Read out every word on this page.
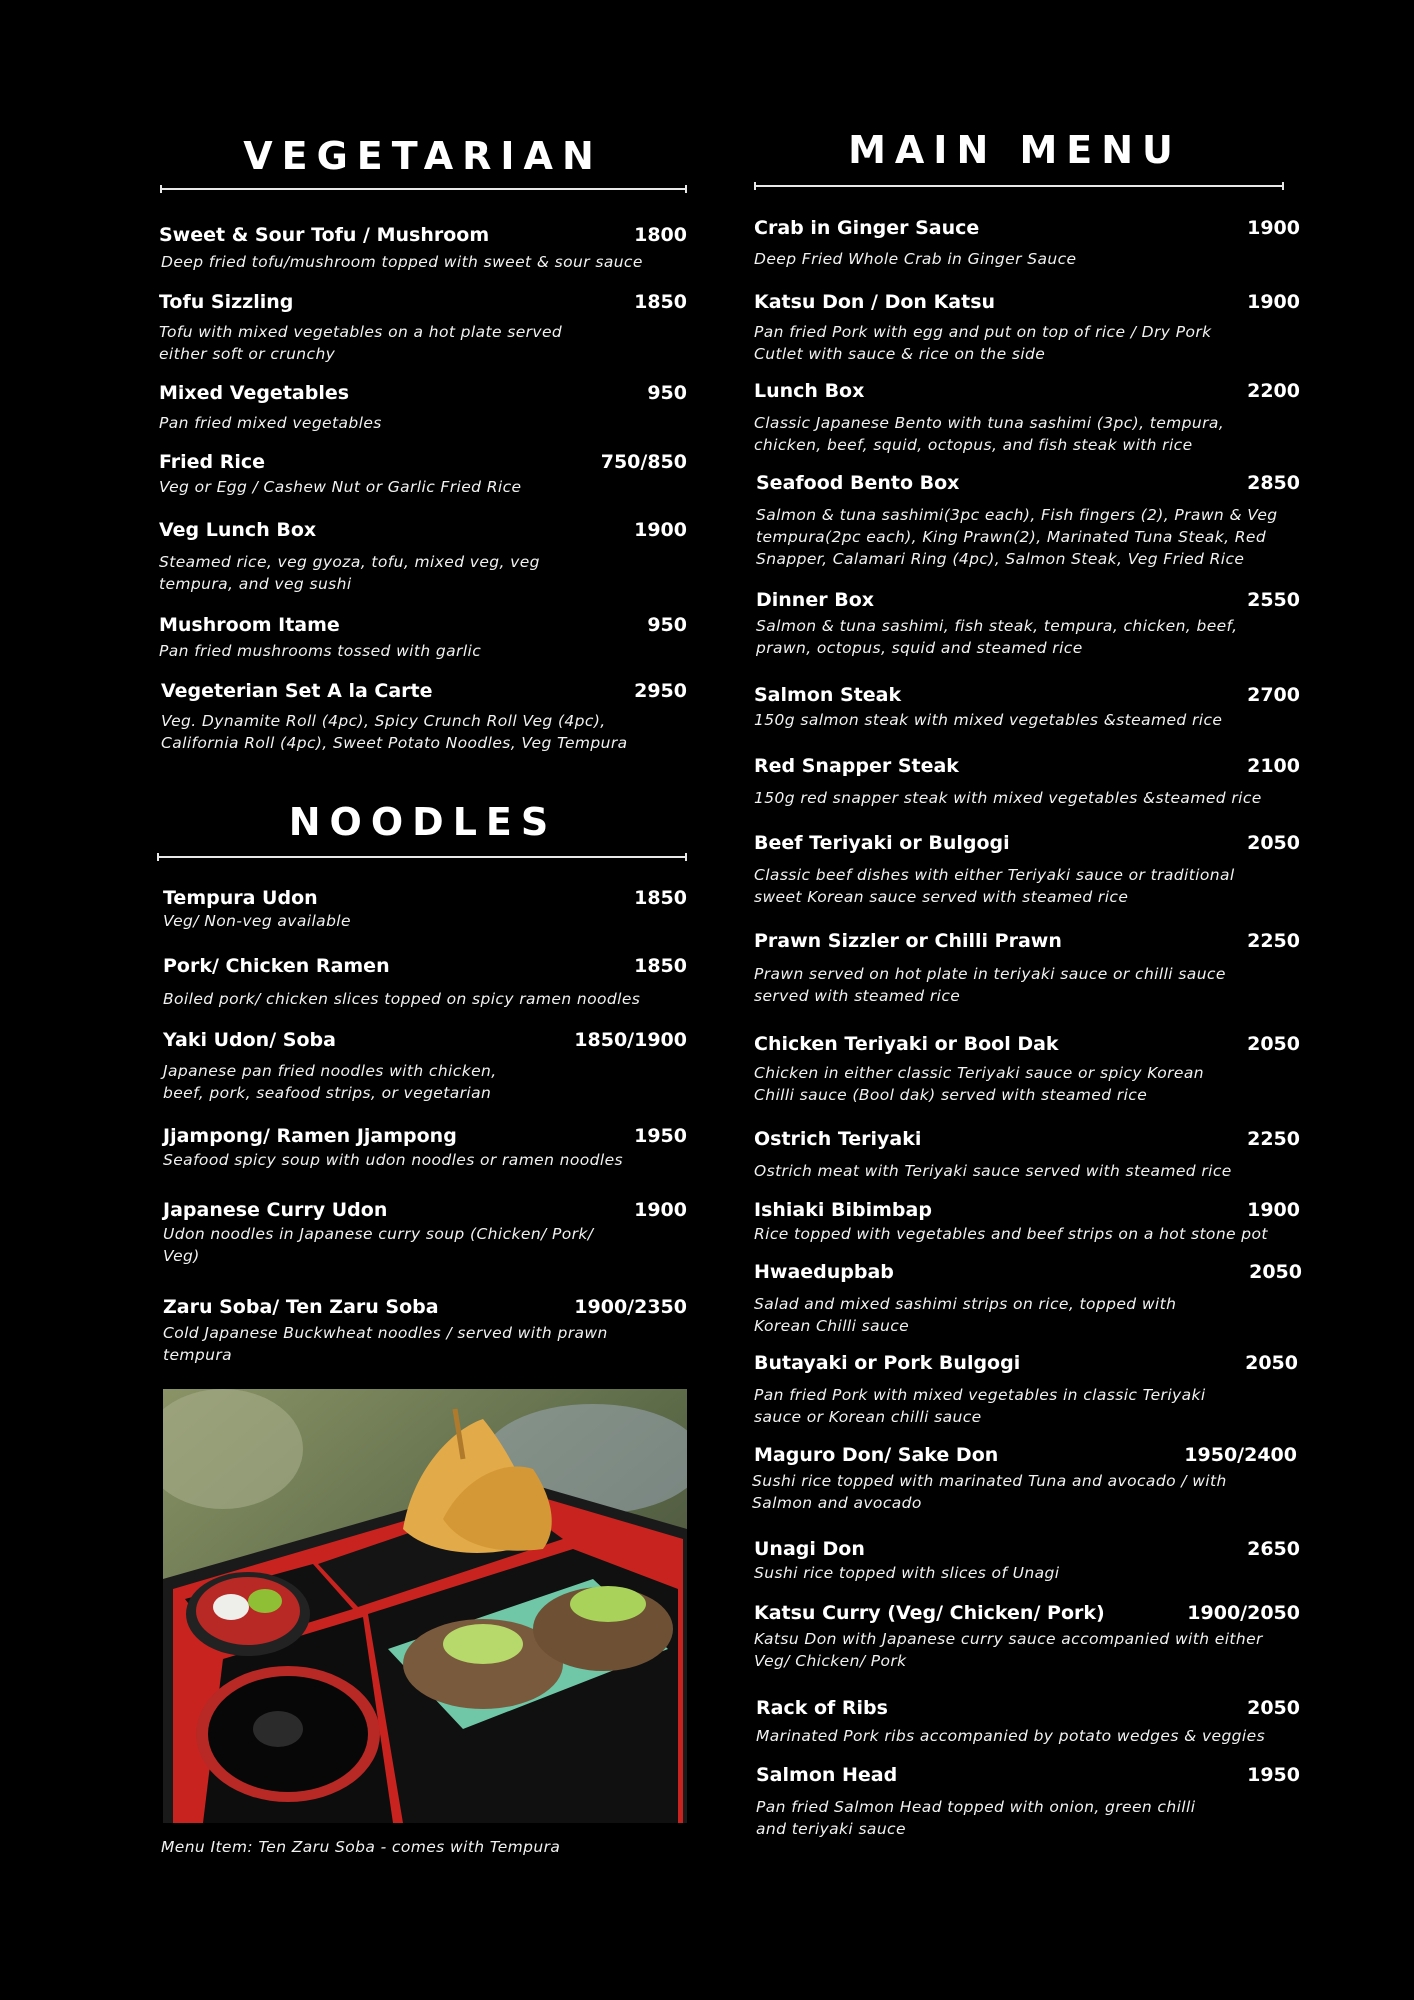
VEGETARIAN
Sweet & Sour Tofu / Mushroom	1800
Deep fried tofu/mushroom topped with sweet & sour sauce
Tofu Sizzling	1850
Tofu with mixed vegetables on a hot plate served either soft or crunchy
Mixed Vegetables	950
Pan fried mixed vegetables
Fried Rice	750/850
Veg or Egg / Cashew Nut or Garlic Fried Rice
Veg Lunch Box	1900
Steamed rice, veg gyoza, tofu, mixed veg, veg tempura, and veg sushi
Mushroom Itame	950
Pan fried mushrooms tossed with garlic
Vegeterian Set A la Carte	2950
Veg. Dynamite Roll (4pc), Spicy Crunch Roll Veg (4pc), California Roll (4pc), Sweet Potato Noodles, Veg Tempura
NOODLES
Tempura Udon	1850
Veg/ Non-veg available
Pork/ Chicken Ramen	1850
Boiled pork/ chicken slices topped on spicy ramen noodles
Yaki Udon/ Soba	1850/1900
Japanese pan fried noodles with chicken, beef, pork, seafood strips, or vegetarian
Jjampong/ Ramen Jjampong	1950
Seafood spicy soup with udon noodles or ramen noodles
Japanese Curry Udon	1900
Udon noodles in Japanese curry soup (Chicken/ Pork/ Veg)
Zaru Soba/ Ten Zaru Soba	1900/2350
Cold Japanese Buckwheat noodles / served with prawn tempura
Menu Item: Ten Zaru Soba - comes with Tempura
MAIN MENU
Crab in Ginger Sauce	1900
Deep Fried Whole Crab in Ginger Sauce
Katsu Don / Don Katsu	1900
Pan fried Pork with egg and put on top of rice / Dry Pork Cutlet with sauce & rice on the side
Lunch Box	2200
Classic Japanese Bento with tuna sashimi (3pc), tempura, chicken, beef, squid, octopus, and fish steak with rice
Seafood Bento Box	2850
Salmon & tuna sashimi(3pc each), Fish fingers (2), Prawn & Veg tempura(2pc each), King Prawn(2), Marinated Tuna Steak, Red Snapper, Calamari Ring (4pc), Salmon Steak, Veg Fried Rice
Dinner Box	2550
Salmon & tuna sashimi, fish steak, tempura, chicken, beef, prawn, octopus, squid and steamed rice
Salmon Steak	2700
150g salmon steak with mixed vegetables &steamed rice
Red Snapper Steak	2100
150g red snapper steak with mixed vegetables &steamed rice
Beef Teriyaki or Bulgogi	2050
Classic beef dishes with either Teriyaki sauce or traditional sweet Korean sauce served with steamed rice
Prawn Sizzler or Chilli Prawn	2250
Prawn served on hot plate in teriyaki sauce or chilli sauce served with steamed rice
Chicken Teriyaki or Bool Dak	2050
Chicken in either classic Teriyaki sauce or spicy Korean Chilli sauce (Bool dak) served with steamed rice
Ostrich Teriyaki	2250
Ostrich meat with Teriyaki sauce served with steamed rice
Ishiaki Bibimbap	1900
Rice topped with vegetables and beef strips on a hot stone pot
Hwaedupbab	2050
Salad and mixed sashimi strips on rice, topped with Korean Chilli sauce
Butayaki or Pork Bulgogi	2050
Pan fried Pork with mixed vegetables in classic Teriyaki sauce or Korean chilli sauce
Maguro Don/ Sake Don	1950/2400
Sushi rice topped with marinated Tuna and avocado / with Salmon and avocado
Unagi Don	2650
Sushi rice topped with slices of Unagi
Katsu Curry (Veg/ Chicken/ Pork)	1900/2050
Katsu Don with Japanese curry sauce accompanied with either Veg/ Chicken/ Pork
Rack of Ribs	2050
Marinated Pork ribs accompanied by potato wedges & veggies
Salmon Head	1950
Pan fried Salmon Head topped with onion, green chilli and teriyaki sauce
